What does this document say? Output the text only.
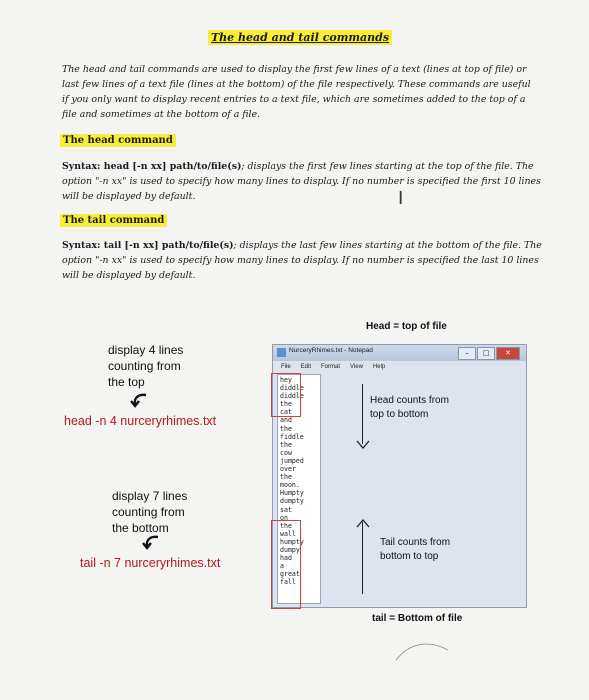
The head and tail commands
The head and tail commands are used to display the first few lines of a text (lines at top of file) or last few lines of a text file (lines at the bottom) of the file respectively. These commands are useful if you only want to display recent entries to a text file, which are sometimes added to the top of a file and sometimes at the bottom of a file.
The head command
Syntax: head [-n xx] path/to/file(s); displays the first few lines starting at the top of the file. The option "-n xx" is used to specify how many lines to display. If no number is specified the first 10 lines will be displayed by default.	Ⅰ
The tail command
Syntax: tail [-n xx] path/to/file(s); displays the last few lines starting at the bottom of the file. The option "-n xx" is used to specify how many lines to display. If no number is specified the last 10 lines will be displayed by default.
Head = top of file
display 4 lines
counting from
the top
head -n 4 nurceryrhimes.txt
display 7 lines
counting from
the bottom
tail -n 7 nurceryrhimes.txt
NurceryRhimes.txt - Notepad	–	□	✕
File Edit Format View Help
hey
diddle
diddle
the
cat
and
the
fiddle
the
cow
jumped
over
the
moon.
Humpty
dumpty
sat
on
the
wall
humpty
dumpy
had
a
great
fall
Head counts from
top to bottom
Tail counts from
bottom to top
tail = Bottom of file
